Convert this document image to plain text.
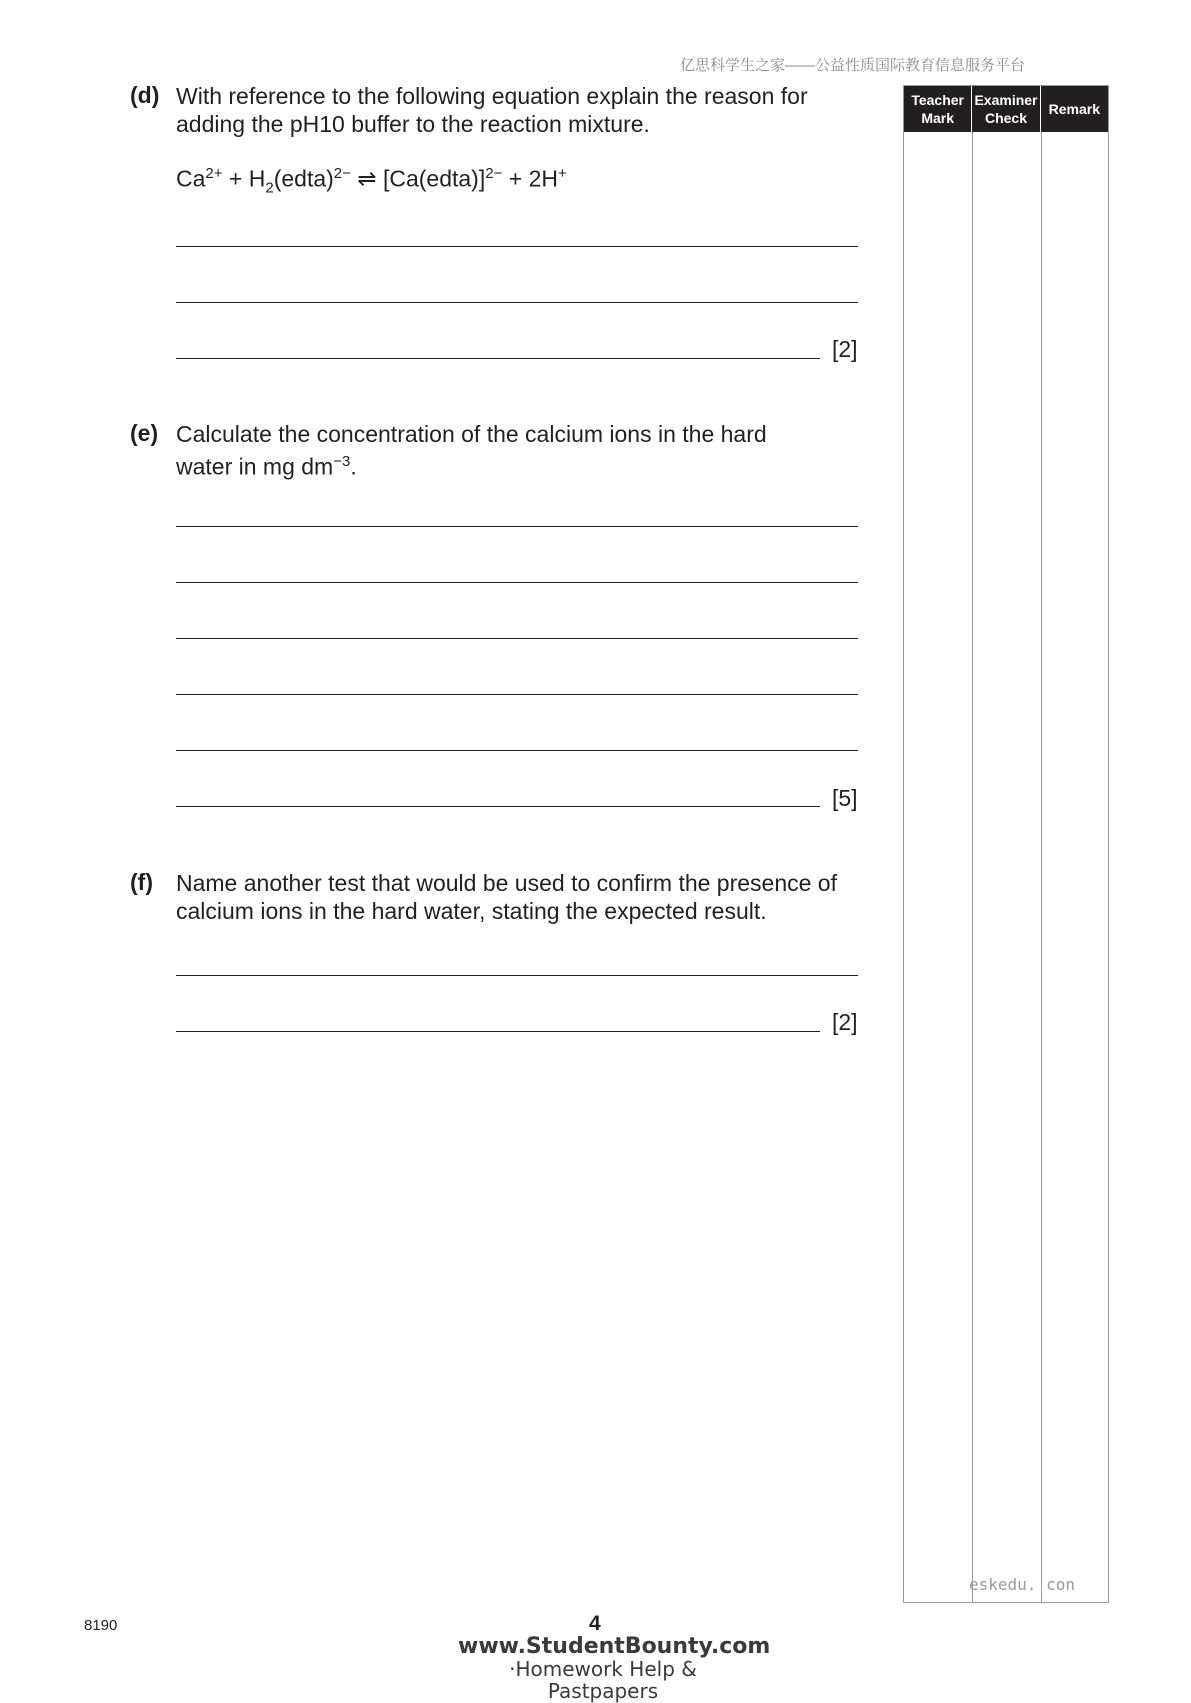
亿思科学生之家——公益性质国际教育信息服务平台
(d) With reference to the following equation explain the reason for adding the pH10 buffer to the reaction mixture.
$Ca^{2+}$ + $H_2(edta)^{2-}$ ⇌ [Ca(edta)]$^{2-}$ + 2H+
[2]
(e) Calculate the concentration of the calcium ions in the hard
water in mg $dm^{-3}$.
[5]
(f) Name another test that would be used to confirm the presence of calcium ions in the hard water, stating the expected result.
[2]
Teacher Mark
Examiner Check
Remark
eskedu. con
8190	4
www.StudentBounty.com
·Homework Help & Pastpapers
